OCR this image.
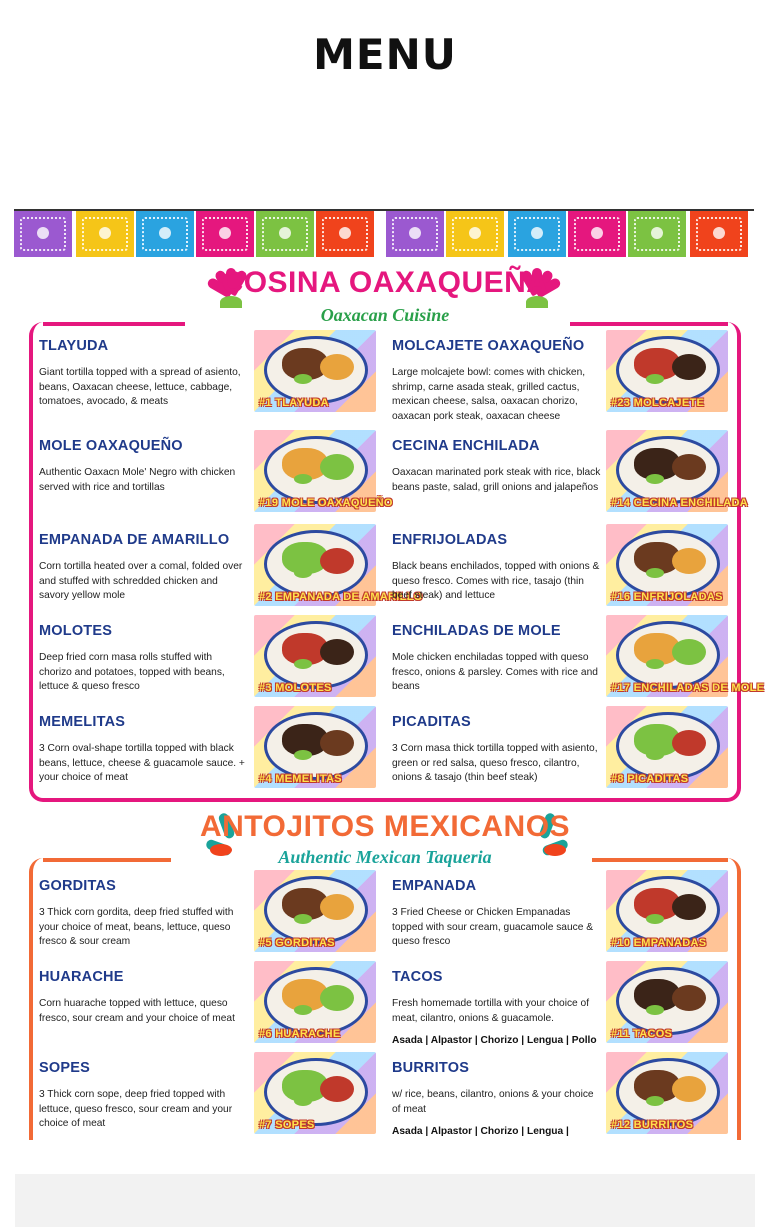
MENU
COSINA OAXAQUEÑA
Oaxacan Cuisine
TLAYUDA
Giant tortilla topped with a spread of asiento, beans, Oaxacan cheese, lettuce, cabbage, tomatoes, avocado, & meats	#1 TLAYUDA
MOLCAJETE OAXAQUEÑO
Large molcajete bowl: comes with chicken, shrimp, carne asada steak, grilled cactus, mexican cheese, salsa, oaxacan chorizo, oaxacan pork steak, oaxacan cheese
#23 MOLCAJETE
MOLE OAXAQUEÑO
Authentic Oaxacn Mole' Negro with chicken served with rice and tortillas
#19 MOLE OAXAQUEÑO
CECINA ENCHILADA
Oaxacan marinated pork steak with rice, black beans paste, salad, grill onions and jalapeños
#14 CECINA ENCHILADA
EMPANADA DE AMARILLO
Corn tortilla heated over a comal, folded over and stuffed with schredded chicken and savory yellow mole	#2 EMPANADA DE AMARILLO
ENFRIJOLADAS
Black beans enchilados, topped with onions & queso fresco. Comes with rice, tasajo (thin beef steak) and lettuce	#16 ENFRIJOLADAS
MOLOTES
Deep fried corn masa rolls stuffed with chorizo and potatoes, topped with beans, lettuce & queso fresco	#3 MOLOTES
ENCHILADAS DE MOLE
Mole chicken enchiladas topped with queso fresco, onions & parsley. Comes with rice and beans	#17 ENCHILADAS DE MOLE
MEMELITAS
3 Corn oval-shape tortilla topped with black beans, lettuce, cheese & guacamole sauce. + your choice of meat	#4 MEMELITAS
PICADITAS
3 Corn masa thick tortilla topped with asiento, green or red salsa, queso fresco, cilantro, onions & tasajo (thin beef steak)	#8 PICADITAS
ANTOJITOS MEXICANOS
Authentic Mexican Taqueria
GORDITAS
3 Thick corn gordita, deep fried stuffed with your choice of meat, beans, lettuce, queso fresco & sour cream	#5 GORDITAS
EMPANADA
3 Fried Cheese or Chicken Empanadas topped with sour cream, guacamole sauce & queso fresco	#10 EMPANADAS
HUARACHE
Corn huarache topped with lettuce, queso fresco, sour cream and your choice of meat
#6 HUARACHE
TACOS
Fresh homemade tortilla with your choice of meat, cilantro, onions & guacamole.
Asada | Alpastor | Chorizo | Lengua | Pollo
#11 TACOS
SOPES
3 Thick corn sope, deep fried topped with lettuce, queso fresco, sour cream and your choice of meat	#7 SOPES
BURRITOS
w/ rice, beans, cilantro, onions & your choice of meat
Asada | Alpastor | Chorizo | Lengua |
#12 BURRITOS
